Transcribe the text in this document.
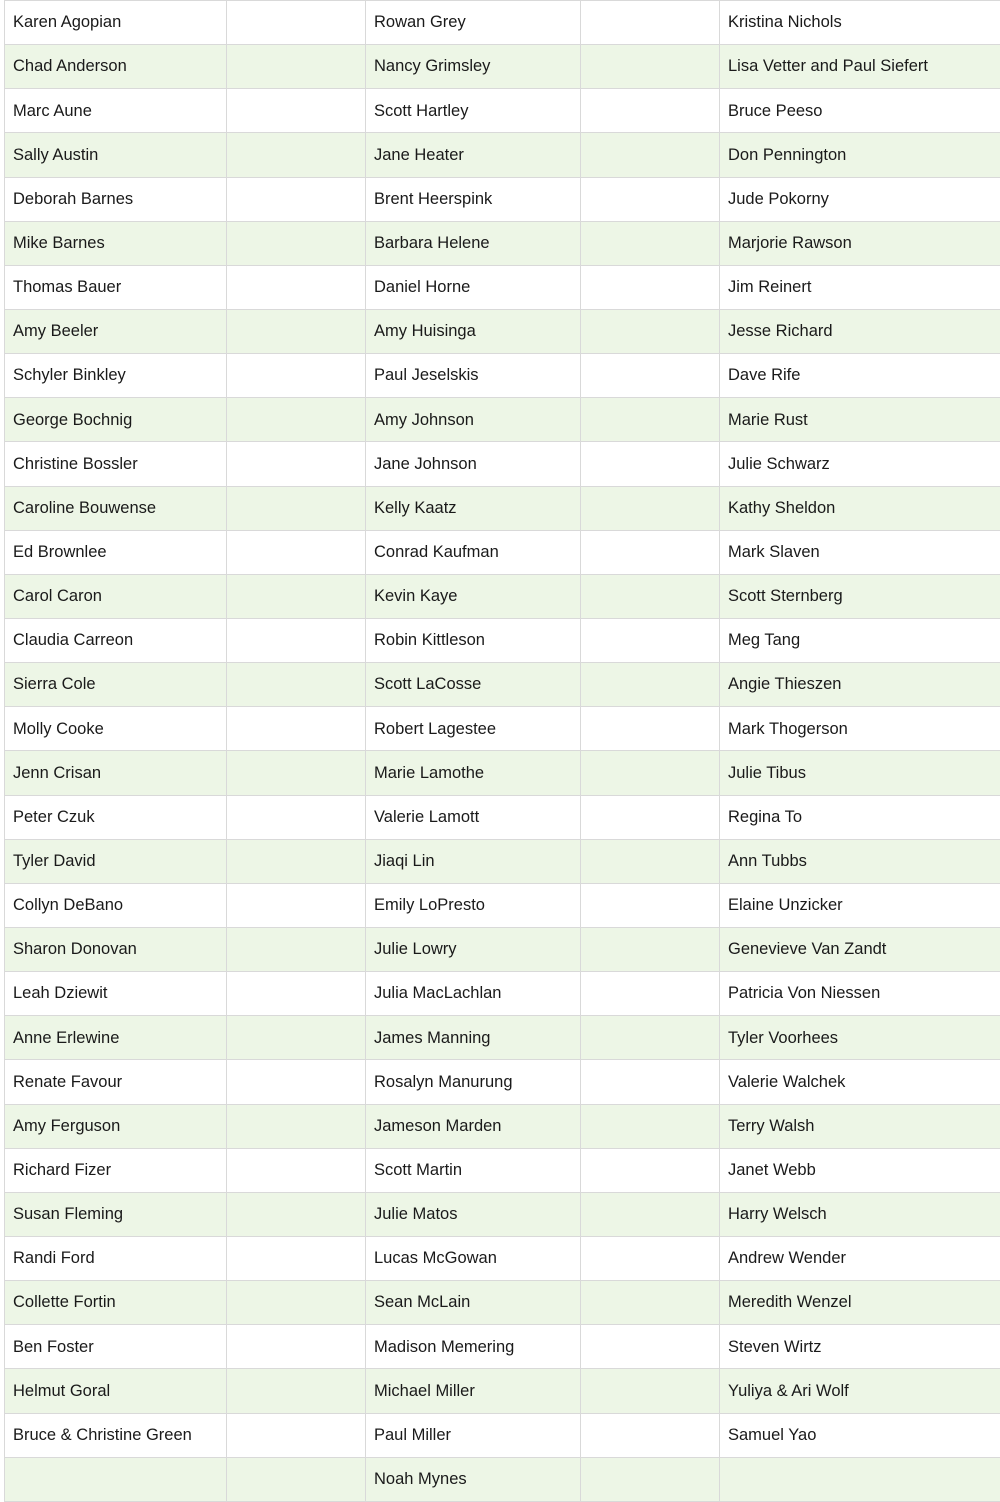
Karen Agopian		Rowan Grey		Kristina Nichols
Chad Anderson		Nancy Grimsley		Lisa Vetter and Paul Siefert
Marc Aune		Scott Hartley		Bruce Peeso
Sally Austin		Jane Heater		Don Pennington
Deborah Barnes		Brent Heerspink		Jude Pokorny
Mike Barnes		Barbara Helene		Marjorie Rawson
Thomas Bauer		Daniel Horne		Jim Reinert
Amy Beeler		Amy Huisinga		Jesse Richard
Schyler Binkley		Paul Jeselskis		Dave Rife
George Bochnig		Amy Johnson		Marie Rust
Christine Bossler		Jane Johnson		Julie Schwarz
Caroline Bouwense		Kelly Kaatz		Kathy Sheldon
Ed Brownlee		Conrad Kaufman		Mark Slaven
Carol Caron		Kevin Kaye		Scott Sternberg
Claudia Carreon		Robin Kittleson		Meg Tang
Sierra Cole		Scott LaCosse		Angie Thieszen
Molly Cooke		Robert Lagestee		Mark Thogerson
Jenn Crisan		Marie Lamothe		Julie Tibus
Peter Czuk		Valerie Lamott		Regina To
Tyler David		Jiaqi Lin		Ann Tubbs
Collyn DeBano		Emily LoPresto		Elaine Unzicker
Sharon Donovan		Julie Lowry		Genevieve Van Zandt
Leah Dziewit		Julia MacLachlan		Patricia Von Niessen
Anne Erlewine		James Manning		Tyler Voorhees
Renate Favour		Rosalyn Manurung		Valerie Walchek
Amy Ferguson		Jameson Marden		Terry Walsh
Richard Fizer		Scott Martin		Janet Webb
Susan Fleming		Julie Matos		Harry Welsch
Randi Ford		Lucas McGowan		Andrew Wender
Collette Fortin		Sean McLain		Meredith Wenzel
Ben Foster		Madison Memering		Steven Wirtz
Helmut Goral		Michael Miller		Yuliya & Ari Wolf
Bruce & Christine Green		Paul Miller		Samuel Yao
		Noah Mynes		
